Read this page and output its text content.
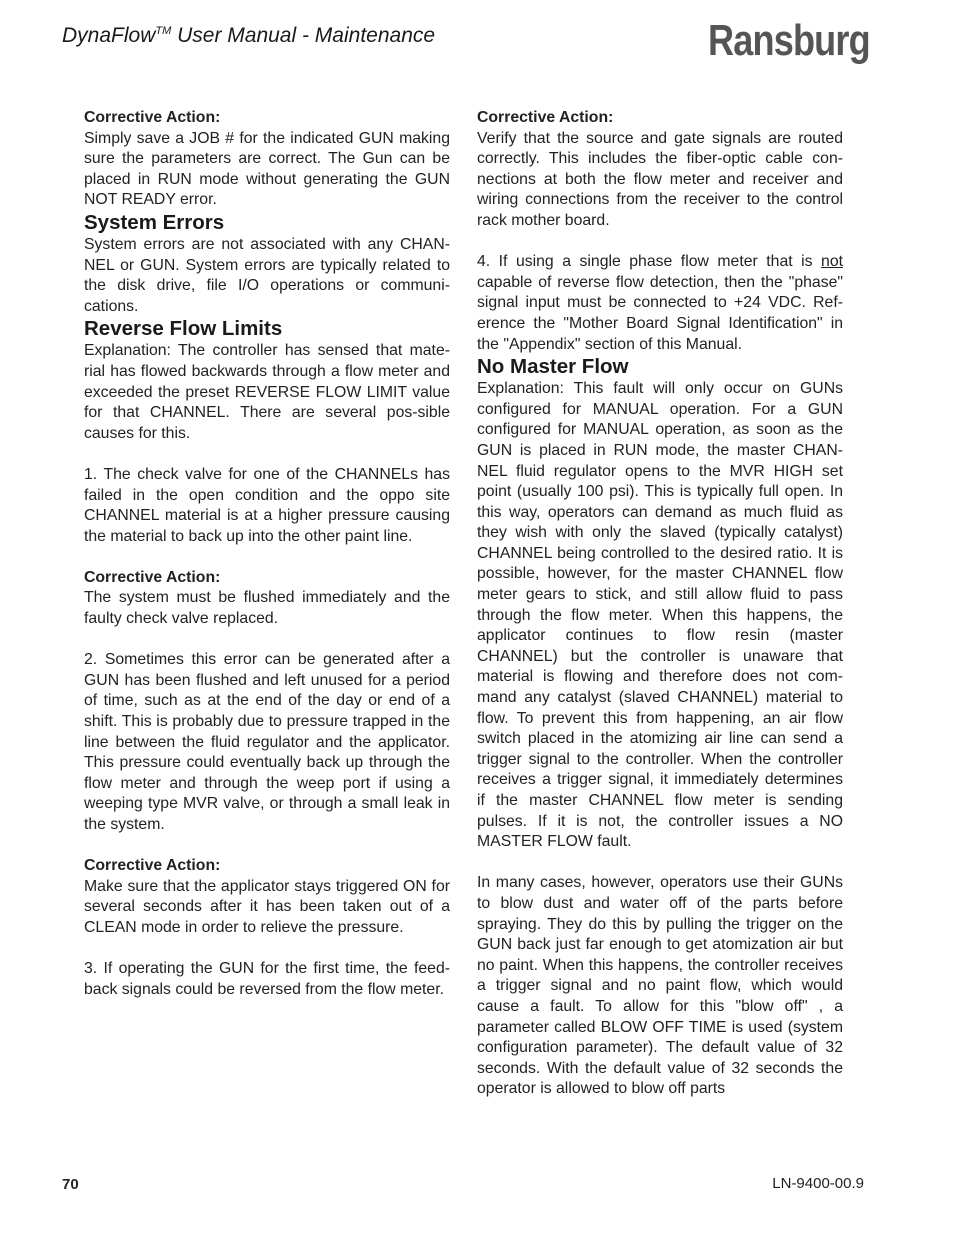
DynaFlow™ User Manual - Maintenance	Ransburg

Corrective Action:

Simply save a JOB # for the indicated GUN making sure the parameters are correct. The Gun can be placed in RUN mode without generating the GUN NOT READY error.

System Errors

System errors are not associated with any CHAN-NEL or GUN. System errors are typically related to the disk drive, file I/O operations or communi-cations.

Reverse Flow Limits

Explanation: The controller has sensed that mate-rial has flowed backwards through a flow meter and exceeded the preset REVERSE FLOW LIMIT value for that CHANNEL. There are several pos-sible causes for this.

1. The check valve for one of the CHANNELs has failed in the open condition and the oppo site CHANNEL material is at a higher pressure causing the material to back up into the other paint line.

Corrective Action:

The system must be flushed immediately and the faulty check valve replaced.

2. Sometimes this error can be generated after a GUN has been flushed and left unused for a period of time, such as at the end of the day or end of a shift. This is probably due to pressure trapped in the line between the fluid regulator and the applicator. This pressure could eventually back up through the flow meter and through the weep port if using a weeping type MVR valve, or through a small leak in the system.

Corrective Action:

Make sure that the applicator stays triggered ON for several seconds after it has been taken out of a CLEAN mode in order to relieve the pressure.

3. If operating the GUN for the first time, the feed-back signals could be reversed from the flow meter.

Corrective Action:

Verify that the source and gate signals are routed correctly. This includes the fiber-optic cable con-nections at both the flow meter and receiver and wiring connections from the receiver to the control rack mother board.

4. If using a single phase flow meter that is not capable of reverse flow detection, then the "phase" signal input must be connected to +24 VDC. Ref-erence the "Mother Board Signal Identification" in the "Appendix" section of this Manual.

No Master Flow

Explanation: This fault will only occur on GUNs configured for MANUAL operation. For a GUN configured for MANUAL operation, as soon as the GUN is placed in RUN mode, the master CHAN-NEL fluid regulator opens to the MVR HIGH set point (usually 100 psi). This is typically full open. In this way, operators can demand as much fluid as they wish with only the slaved (typically catalyst) CHANNEL being controlled to the desired ratio. It is possible, however, for the master CHANNEL flow meter gears to stick, and still allow fluid to pass through the flow meter. When this happens, the applicator continues to flow resin (master CHANNEL) but the controller is unaware that material is flowing and therefore does not com-mand any catalyst (slaved CHANNEL) material to flow. To prevent this from happening, an air flow switch placed in the atomizing air line can send a trigger signal to the controller. When the controller receives a trigger signal, it immediately determines if the master CHANNEL flow meter is sending pulses. If it is not, the controller issues a NO MASTER FLOW fault.

In many cases, however, operators use their GUNs to blow dust and water off of the parts before spraying. They do this by pulling the trigger on the GUN back just far enough to get atomization air but no paint. When this happens, the controller receives a trigger signal and no paint flow, which would cause a fault. To allow for this "blow off" , a parameter called BLOW OFF TIME is used (system configuration parameter). The default value of 32 seconds. With the default value of 32 seconds the operator is allowed to blow off parts

70	LN-9400-00.9
